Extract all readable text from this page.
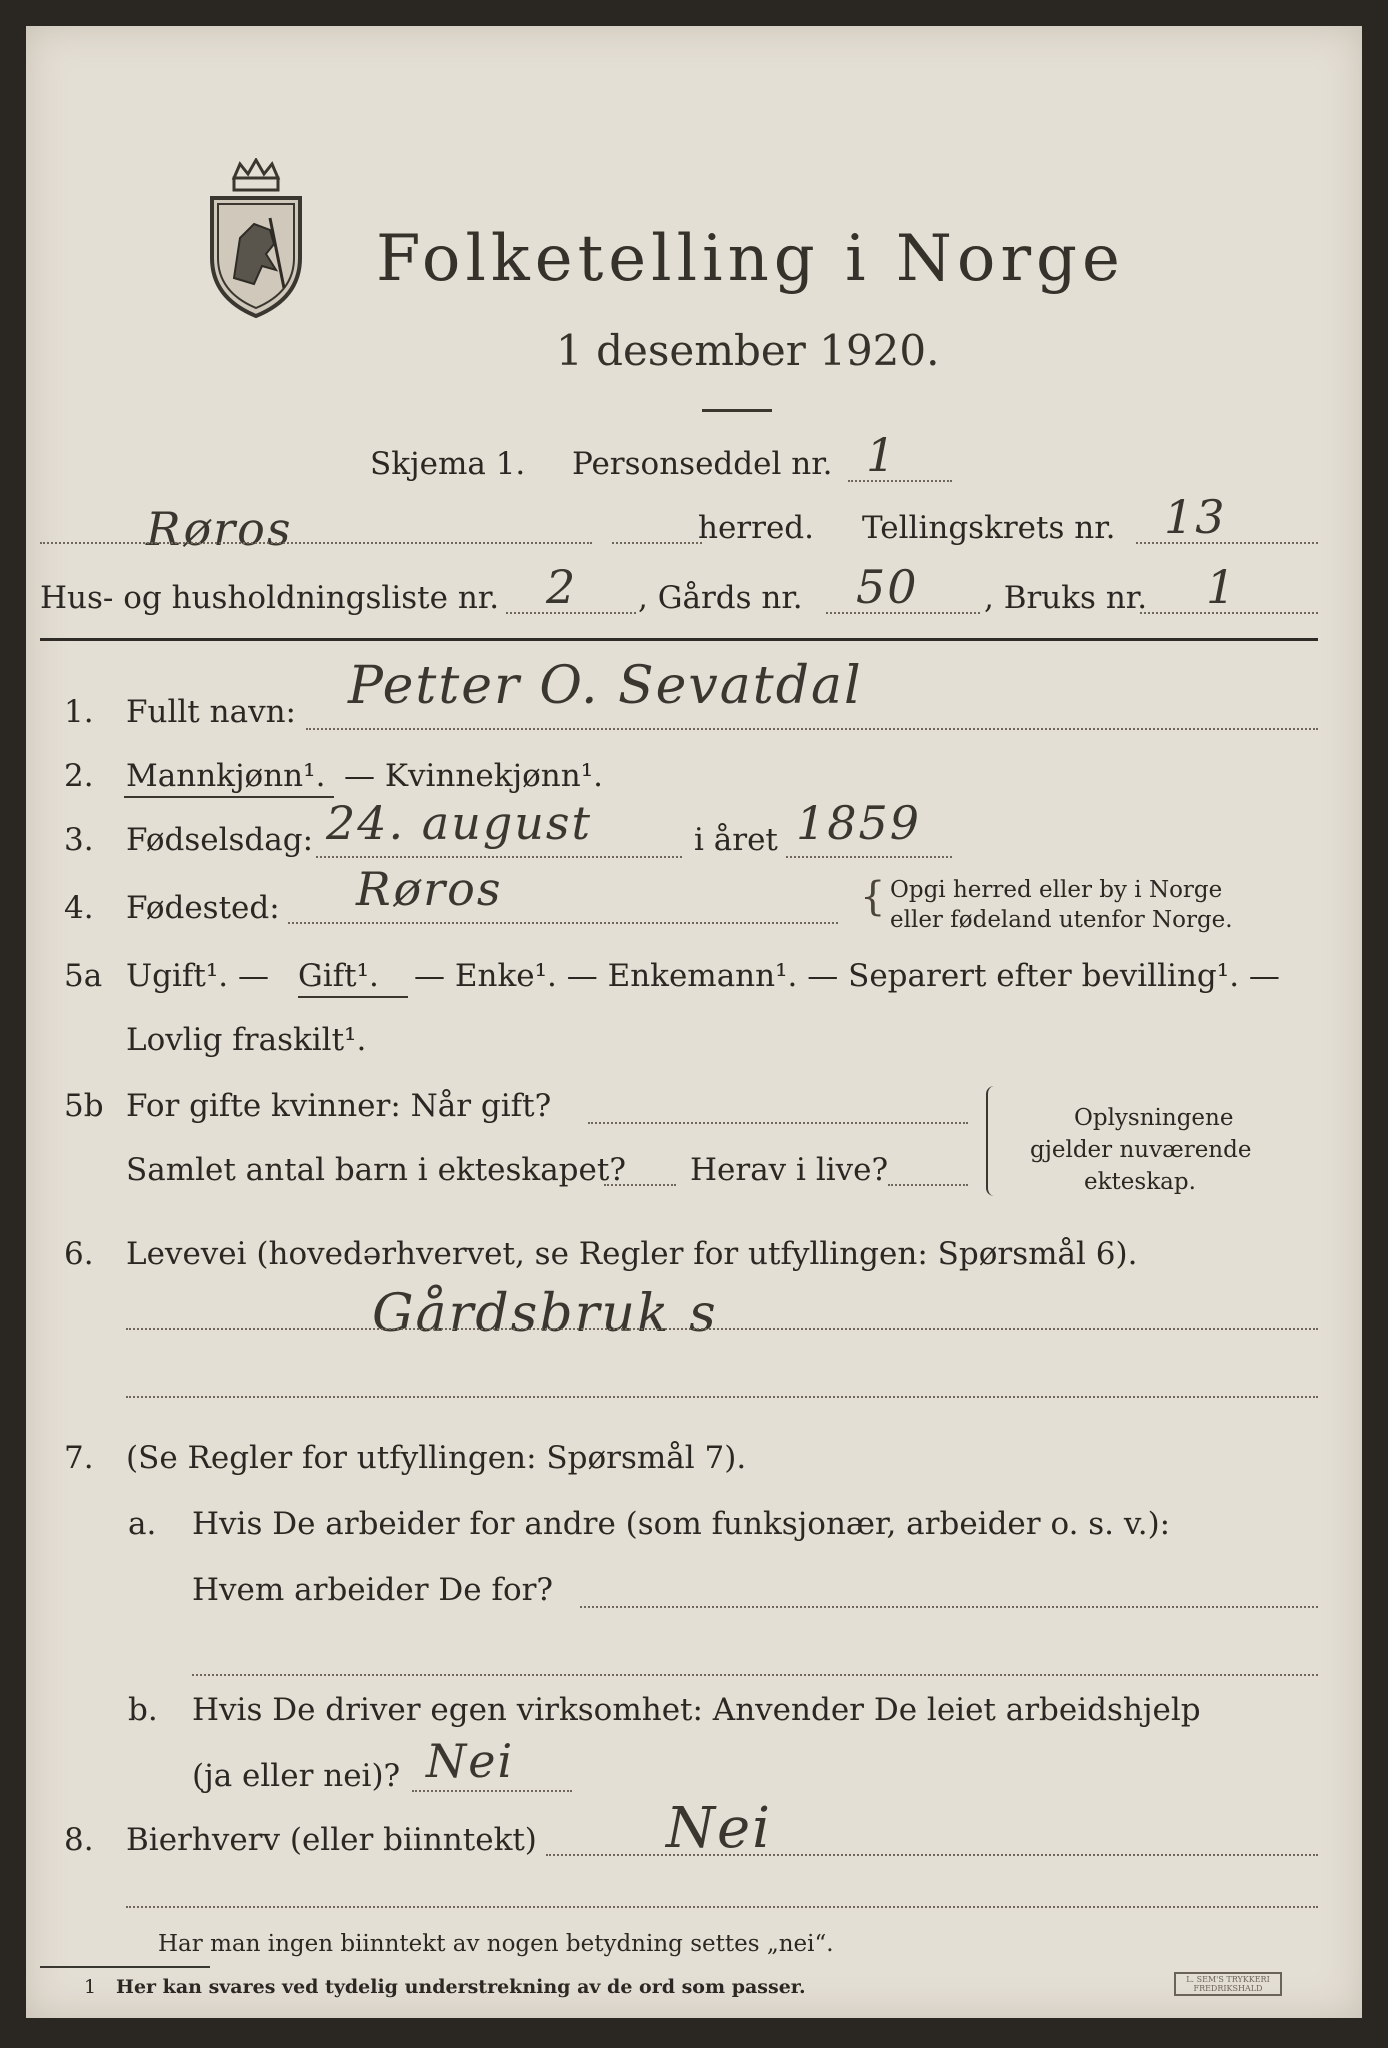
Folketelling i Norge
1 desember 1920.
Skjema 1. Personseddel nr. 1
Røros	herred. Tellingskrets nr. 13
Hus- og husholdningsliste nr. 2 , Gårds nr. 50 , Bruks nr. 1
1. Fullt navn: Petter O. Sevatdal
2. Mannkjønn¹. — Kvinnekjønn¹.
3. Fødselsdag: 24. august	i året 1859
4. Fødested: Røros	{ Opgi herred eller by i Norge
eller fødeland utenfor Norge.
5a Ugift¹. — Gift¹. — Enke¹. — Enkemann¹. — Separert efter bevilling¹. —
Lovlig fraskilt¹.
5b For gifte kvinner: Når gift?
Samlet antal barn i ekteskapet? Herav i live?
Oplysningene
gjelder nuværende
ekteskap.
6. Levevei (hovedərhvervet, se Regler for utfyllingen: Spørsmål 6).
Gårdsbruk s
7. (Se Regler for utfyllingen: Spørsmål 7).
a. Hvis De arbeider for andre (som funksjonær, arbeider o. s. v.):
Hvem arbeider De for?
b. Hvis De driver egen virksomhet: Anvender De leiet arbeidshjelp
(ja eller nei)? Nei
8. Bierhverv (eller biinntekt) Nei
Har man ingen biinntekt av nogen betydning settes „nei“.
1 Her kan svares ved tydelig understrekning av de ord som passer.	L. SEM'S TRYKKERI FREDRIKSHALD
